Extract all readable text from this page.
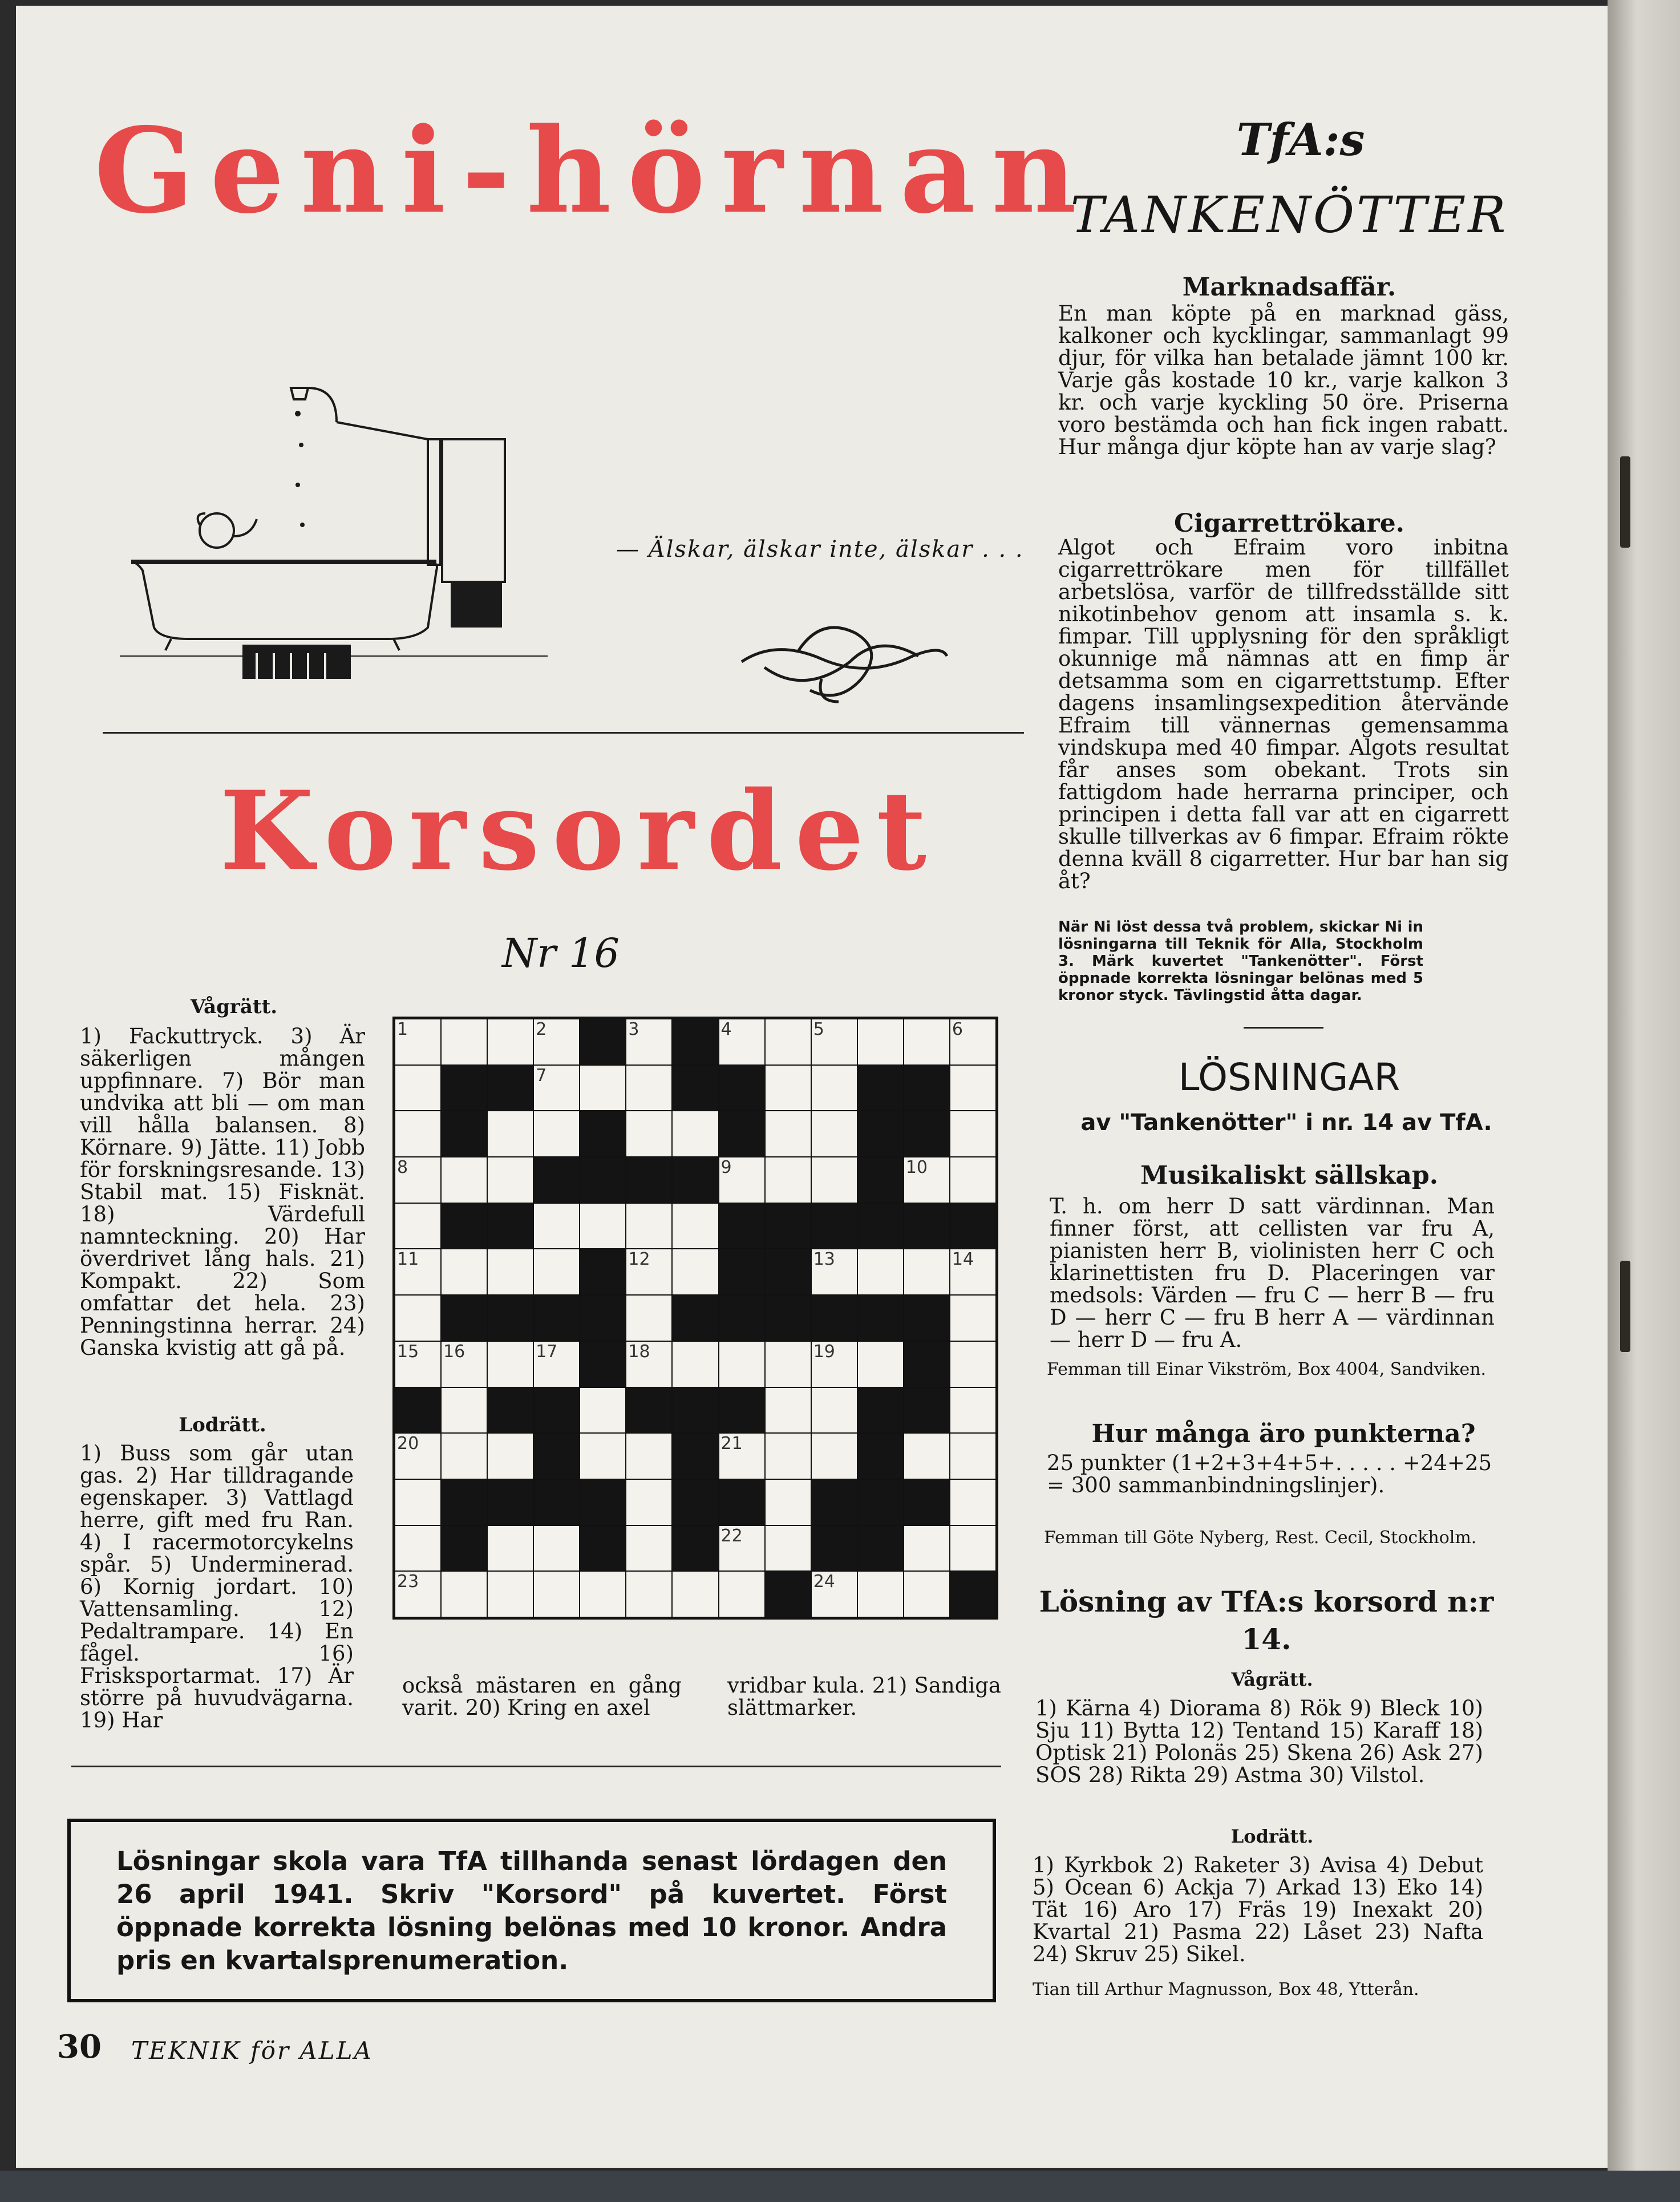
Geni-hörnan	TfA:s
TANKENÖTTER
— Älskar, älskar inte, älskar . . .
Korsordet
Nr 16
Vågrätt.
1) Fackuttryck. 3) Är säkerligen mången uppfinnare. 7) Bör man undvika att bli — om man vill hålla balansen. 8) Körnare. 9) Jätte. 11) Jobb för forskningsresande. 13) Stabil mat. 15) Fisknät. 18) Värdefull namnteckning. 20) Har överdrivet lång hals. 21) Kompakt. 22) Som omfattar det hela. 23) Penningstinna herrar. 24) Ganska kvistig att gå på.
Lodrätt.
1) Buss som går utan gas. 2) Har tilldragande egenskaper. 3) Vattlagd herre, gift med fru Ran. 4) I racermotorcykelns spår. 5) Underminerad. 6) Kornig jordart. 10) Vattensamling. 12) Pedaltrampare. 14) En fågel. 16) Frisksportarmat. 17) Är större på huvudvägarna. 19) Har
också mästaren en gång varit. 20) Kring en axel
vridbar kula. 21) Sandiga slättmarker.
1	2	3	4	5	6
7
8	9	10
11	12	13	14
15 16	17	18	19
20	21
22
23	24
Lösningar skola vara TfA tillhanda senast lördagen den 26 april 1941. Skriv "Korsord" på kuvertet. Först öppnade korrekta lösning belönas med 10 kronor. Andra pris en kvartalsprenumeration.
Marknadsaffär.
En man köpte på en marknad gäss, kalkoner och kycklingar, sammanlagt 99 djur, för vilka han betalade jämnt 100 kr. Varje gås kostade 10 kr., varje kalkon 3 kr. och varje kyckling 50 öre. Priserna voro bestämda och han fick ingen rabatt. Hur många djur köpte han av varje slag?
Cigarrettrökare.
Algot och Efraim voro inbitna cigarrettrökare men för tillfället arbetslösa, varför de tillfredsställde sitt nikotinbehov genom att insamla s. k. fimpar. Till upplysning för den språkligt okunnige må nämnas att en fimp är detsamma som en cigarrettstump. Efter dagens insamlingsexpedition återvände Efraim till vännernas gemensamma vindskupa med 40 fimpar. Algots resultat får anses som obekant. Trots sin fattigdom hade herrarna principer, och principen i detta fall var att en cigarrett skulle tillverkas av 6 fimpar. Efraim rökte denna kväll 8 cigarretter. Hur bar han sig åt?
När Ni löst dessa två problem, skickar Ni in lösningarna till Teknik för Alla, Stockholm 3. Märk kuvertet "Tankenötter". Först öppnade korrekta lösningar belönas med 5 kronor styck. Tävlingstid åtta dagar.
LÖSNINGAR
av "Tankenötter" i nr. 14 av TfA.
Musikaliskt sällskap.
T. h. om herr D satt värdinnan. Man finner först, att cellisten var fru A, pianisten herr B, violinisten herr C och klarinettisten fru D. Placeringen var medsols: Värden — fru C — herr B — fru D — herr C — fru B herr A — värdinnan — herr D — fru A.
Femman till Einar Vikström, Box 4004, Sandviken.
Hur många äro punkterna?
25 punkter (1+2+3+4+5+. . . . . +24+25 = 300 sammanbindningslinjer).
Femman till Göte Nyberg, Rest. Cecil, Stockholm.
Lösning av TfA:s korsord n:r 14.
Vågrätt.
1) Kärna 4) Diorama 8) Rök 9) Bleck 10) Sju 11) Bytta 12) Tentand 15) Karaff 18) Optisk 21) Polonäs 25) Skena 26) Ask 27) SOS 28) Rikta 29) Astma 30) Vilstol.
Lodrätt.
1) Kyrkbok 2) Raketer 3) Avisa 4) Debut 5) Ocean 6) Ackja 7) Arkad 13) Eko 14) Tät 16) Aro 17) Fräs 19) Inexakt 20) Kvartal 21) Pasma 22) Låset 23) Nafta 24) Skruv 25) Sikel.
Tian till Arthur Magnusson, Box 48, Ytterån.
30 TEKNIK för ALLA
